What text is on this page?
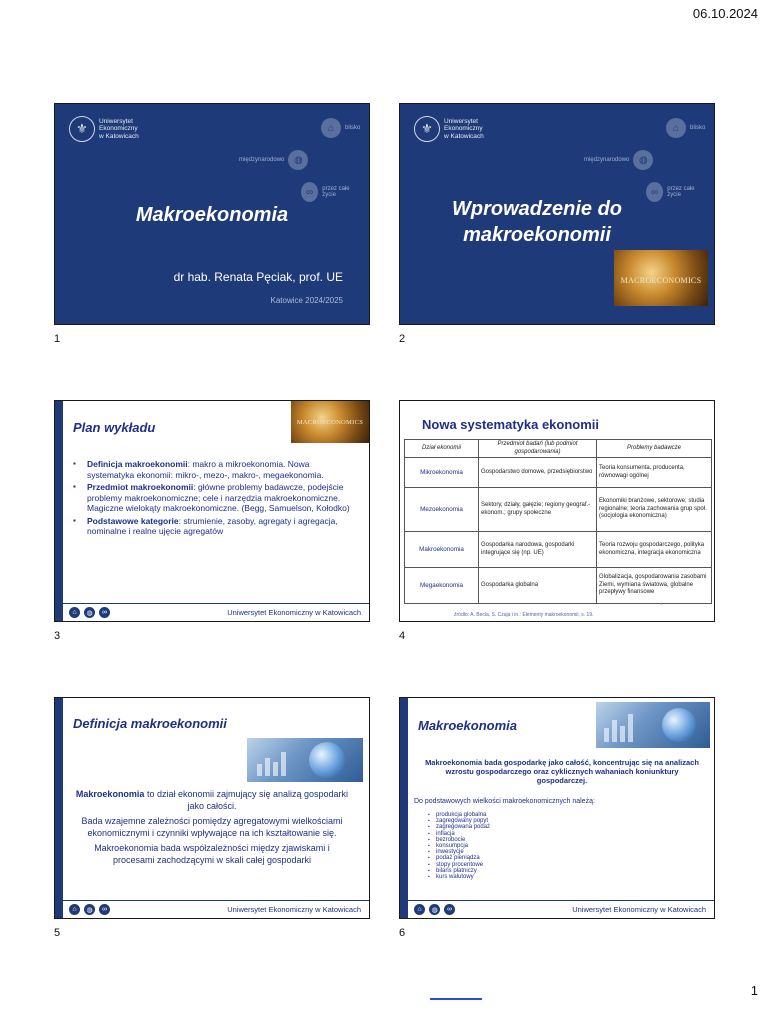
06.10.2024
⚜	Uniwersytet
Ekonomiczny
w Katowicach
⌂	blisko
międzynarodowo ◍
∞	przez całe życie
Makroekonomia
dr hab. Renata Pęciak, prof. UE
Katowice 2024/2025
1
⚜	Uniwersytet
Ekonomiczny
w Katowicach
⌂	blisko
międzynarodowo ◍
∞	przez całe życie
Wprowadzenie do
makroekonomii
MACROECONOMICS
2
Plan wykładu	MACROECONOMICS
▪ Definicja makroekonomii: makro a mikroekonomia. Nowa systematyka ekonomii: mikro-, mezo-, makro-, megaekonomia.
▪ Przedmiot makroekonomii: główne problemy badawcze, podejście problemy makroekonomiczne; cele i narzędzia makroekonomiczne. Magiczne wielokąty makroekonomiczne. (Begg, Samuelson, Kołodko)
▪ Podstawowe kategorie: strumienie, zasoby, agregaty i agregacja, nominalne i realne ujęcie agregatów
⌂	◍	∞	Uniwersytet Ekonomiczny w Katowicach
3
Nowa systematyka ekonomii
Dział ekonomii	Przedmiot badań (lub podmiot gospodarowania)	Problemy badawcze
Mikroekonomia	Gospodarstwo domowe, przedsiębiorstwo	Teoria konsumenta, producenta, równowagi ogólnej
Mezoekonomia	Sektory, działy, gałęzie; regiony geograf.-ekonom.; grupy społeczne	Ekonomiki branżowe, sektorowe; studia regionalne; teoria zachowania grup społ. (socjologia ekonomiczna)
Makroekonomia	Gospodarka narodowa, gospodarki integrujące się (np. UE)	Teoria rozwoju gospodarczego, polityka ekonomiczna, integracja ekonomiczna
Megaekonomia	Gospodarka globalna	Globalizacja, gospodarowania zasobami Ziemi, wymiana światowa, globalne przepływy finansowe
źródło: A. Becla, S. Czaja i in.: Elementy makroekonomii, s. 19.
4
4
Definicja makroekonomii

Makroekonomia to dział ekonomii zajmujący się analizą gospodarki jako całości.

Bada wzajemne zależności pomiędzy agregatowymi wielkościami ekonomicznymi i czynniki wpływające na ich kształtowanie się.

Makroekonomia bada współzależności między zjawiskami i procesami zachodzącymi w skali całej gospodarki

⌂	◍	∞	Uniwersytet Ekonomiczny w Katowicach
5
Makroekonomia
Makroekonomia bada gospodarkę jako całość, koncentrując się na analizach wzrostu gospodarczego oraz cyklicznych wahaniach koniunktury gospodarczej.
Do podstawowych wielkości makroekonomicznych należą:
▪ produkcja globalna
▪ zagregowany popyt
▪ zagregowana podaż
▪ inflacja
▪ bezrobocie
▪ konsumpcja
▪ inwestycje
▪ podaż pieniądza
▪ stopy procentowe
▪ bilans płatniczy
▪ kurs walutowy
⌂	◍	∞	Uniwersytet Ekonomiczny w Katowicach
6
1
